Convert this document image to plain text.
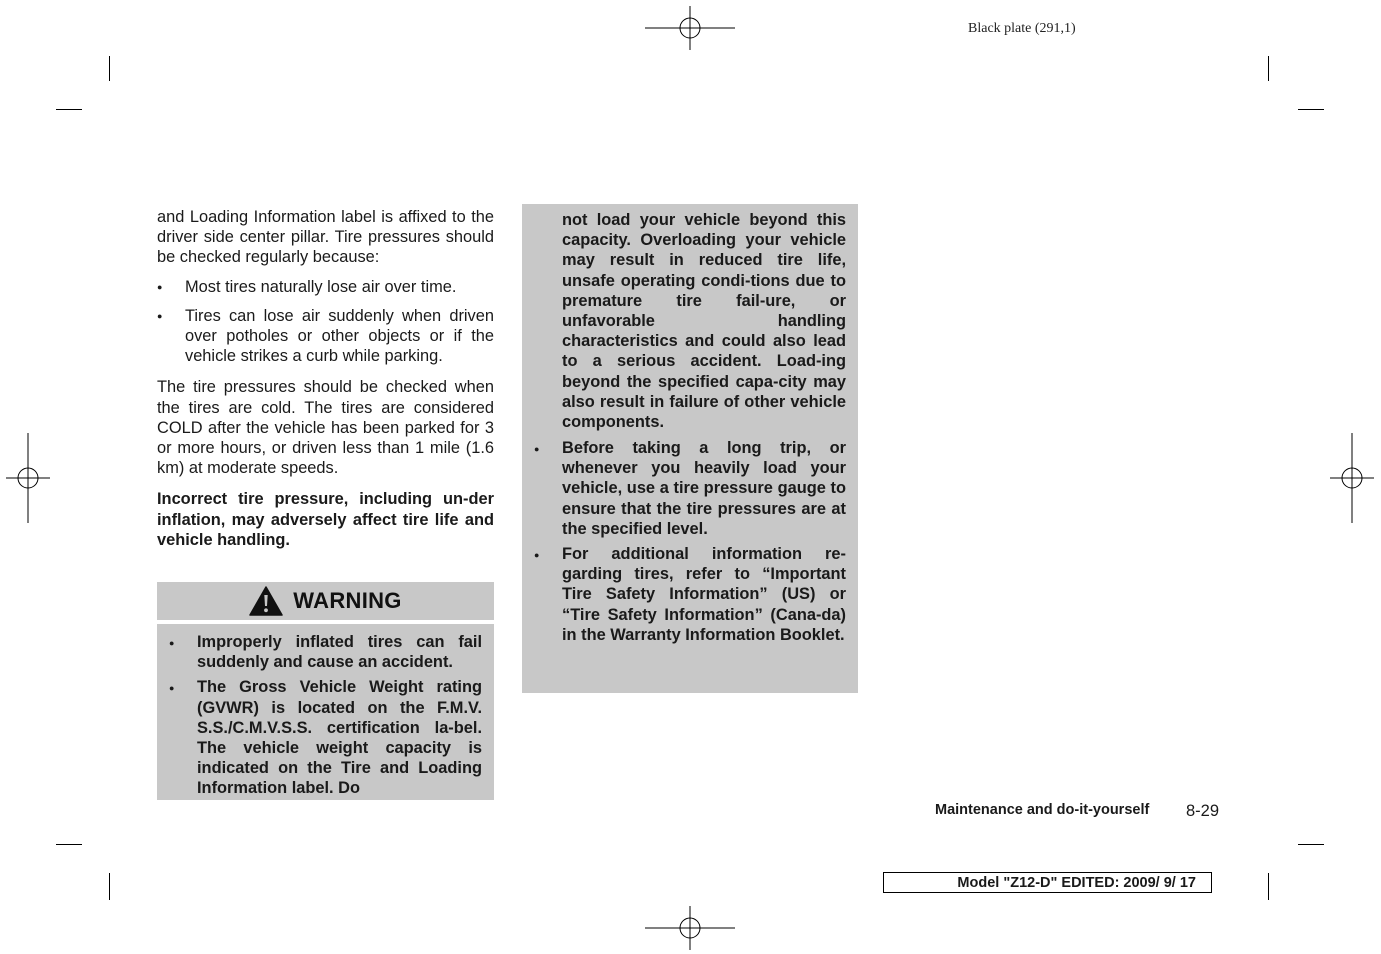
Black plate (291,1)

and Loading Information label is affixed to the driver side center pillar. Tire pressures should be checked regularly because:

● Most tires naturally lose air over time.
● Tires can lose air suddenly when driven over potholes or other objects or if the vehicle strikes a curb while parking.

The tire pressures should be checked when the tires are cold. The tires are considered COLD after the vehicle has been parked for 3 or more hours, or driven less than 1 mile (1.6 km) at moderate speeds.

Incorrect tire pressure, including un-der inflation, may adversely affect tire life and vehicle handling.

WARNING
● Improperly inflated tires can fail suddenly and cause an accident.
● The Gross Vehicle Weight rating (GVWR) is located on the F.M.V. S.S./C.M.V.S.S. certification la-bel. The vehicle weight capacity is indicated on the Tire and Loading Information label. Do

not load your vehicle beyond this capacity. Overloading your vehicle may result in reduced tire life, unsafe operating condi-tions due to premature tire fail-ure, or unfavorable handling characteristics and could also lead to a serious accident. Load-ing beyond the specified capa-city may also result in failure of other vehicle components.

● Before taking a long trip, or whenever you heavily load your vehicle, use a tire pressure gauge to ensure that the tire pressures are at the specified level.
● For additional information re-garding tires, refer to “Important Tire Safety Information” (US) or “Tire Safety Information” (Cana-da) in the Warranty Information Booklet.
Maintenance and do-it-yourself 8-29
Model "Z12-D" EDITED: 2009/ 9/ 17
